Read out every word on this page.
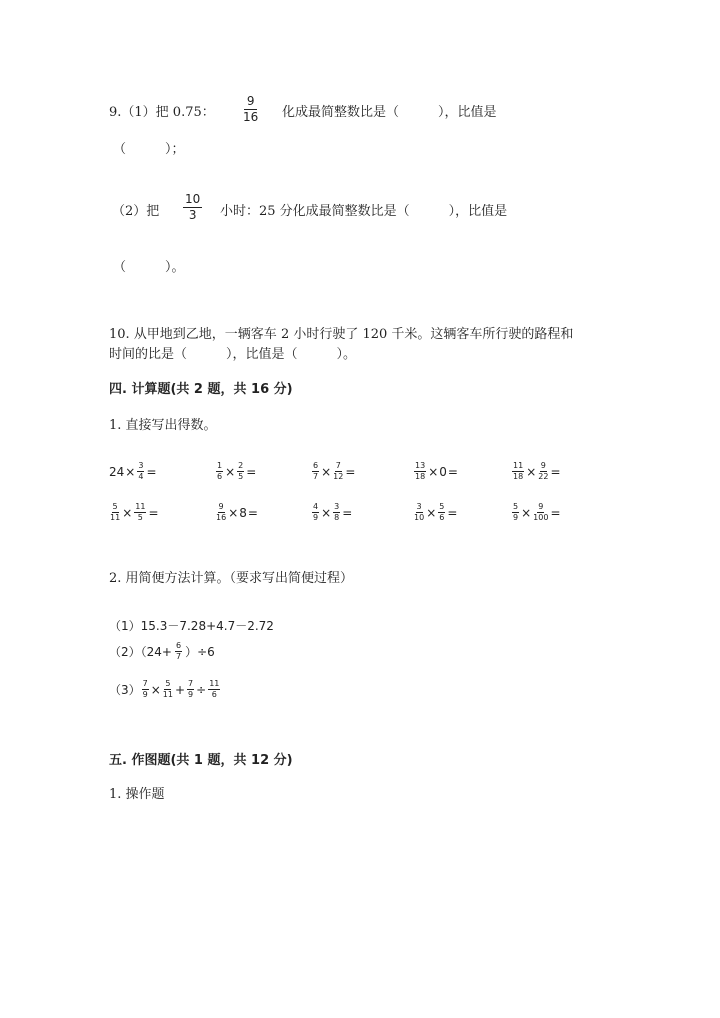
9.（1）把 0.75： $\frac{9}{16}$ 化成最简整数比是（　　　），比值是
（　　　）；
（2）把 $\frac{10}{3}$ 小时：25 分化成最简整数比是（　　　），比值是
（　　　）。
10. 从甲地到乙地，一辆客车 2 小时行驶了 120 千米。这辆客车所行驶的路程和
时间的比是（　　　），比值是（　　　）。
四. 计算题(共 2 题，共 16 分)
1. 直接写出得数。
$24 \times \frac{3}{4}$ =	$\frac{1}{6} \times \frac{2}{5}$ =	$\frac{6}{7} \times \frac{7}{12}$ =	$\frac{13}{18} \times 0$ =	$\frac{11}{18} \times \frac{9}{22}$ =
$\frac{5}{11} \times \frac{11}{5}$ =	$\frac{9}{16} \times 8$ =	$\frac{4}{9} \times \frac{3}{8}$ =	$\frac{3}{10} \times \frac{5}{6}$ =	$\frac{5}{9} \times \frac{9}{100}$ =
2. 用简便方法计算。（要求写出简便过程）
（1）15.3－7.28+4.7－2.72
$(2)(24+ \frac{6}{7} )\div 6$
$(3) \frac{7}{9} \times \frac{5}{11} + \frac{7}{9} \div \frac{11}{6}$
五. 作图题(共 1 题，共 12 分)
1. 操作题
